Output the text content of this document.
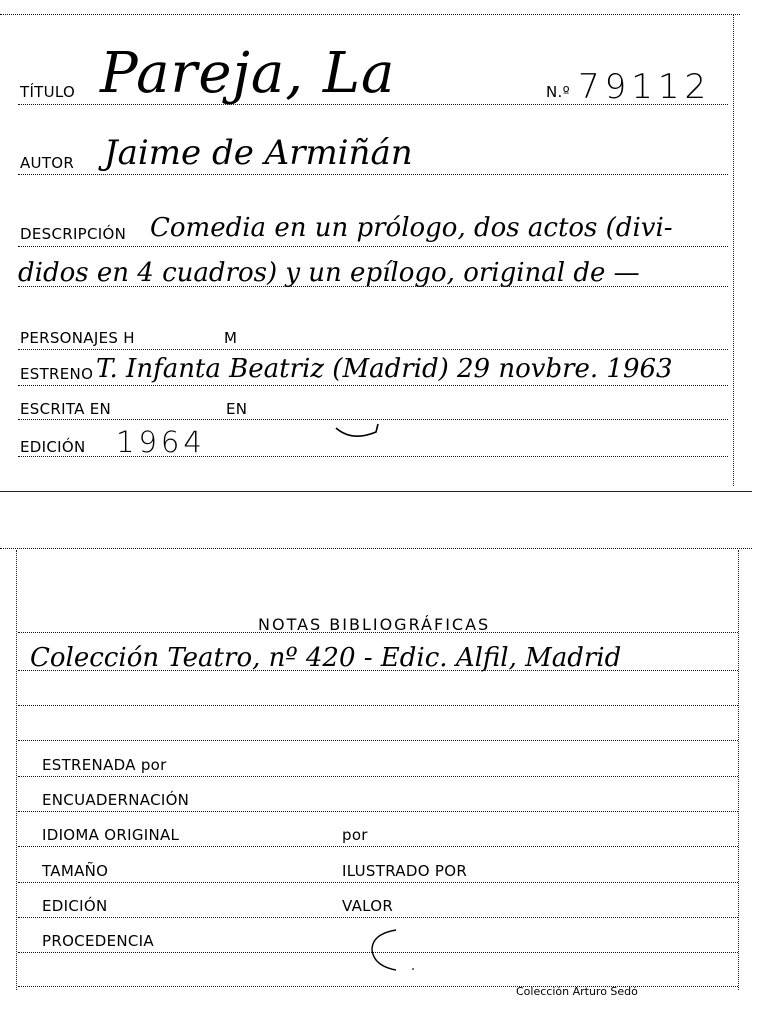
TÍTULO Pareja, La	N.º 79112
AUTOR Jaime de Armiñán
DESCRIPCIÓN Comedia en un prólogo, dos actos (divi-
didos en 4 cuadros) y un epílogo, original de —
PERSONAJES H	M
ESTRENO T. Infanta Beatriz (Madrid) 29 novbre. 1963
ESCRITA EN	EN
EDICIÓN 1964
NOTAS BIBLIOGRÁFICAS
Colección Teatro, nº 420 - Edic. Alfil, Madrid
ESTRENADA por
ENCUADERNACIÓN
IDIOMA ORIGINAL	por
TAMAÑO	ILUSTRADO POR
EDICIÓN	VALOR
PROCEDENCIA
Colección Arturo Sedó
